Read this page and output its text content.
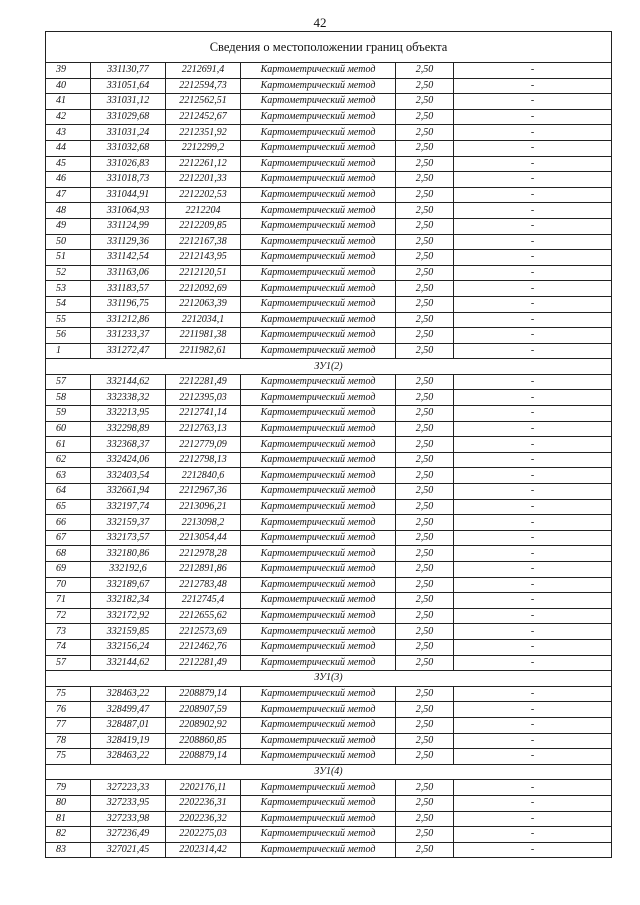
42
Сведения о местоположении границ объекта					
39	331130,77	2212691,4	Картометрический метод	2,50	-
40	331051,64	2212594,73	Картометрический метод	2,50	-
41	331031,12	2212562,51	Картометрический метод	2,50	-
42	331029,68	2212452,67	Картометрический метод	2,50	-
43	331031,24	2212351,92	Картометрический метод	2,50	-
44	331032,68	2212299,2	Картометрический метод	2,50	-
45	331026,83	2212261,12	Картометрический метод	2,50	-
46	331018,73	2212201,33	Картометрический метод	2,50	-
47	331044,91	2212202,53	Картометрический метод	2,50	-
48	331064,93	2212204	Картометрический метод	2,50	-
49	331124,99	2212209,85	Картометрический метод	2,50	-
50	331129,36	2212167,38	Картометрический метод	2,50	-
51	331142,54	2212143,95	Картометрический метод	2,50	-
52	331163,06	2212120,51	Картометрический метод	2,50	-
53	331183,57	2212092,69	Картометрический метод	2,50	-
54	331196,75	2212063,39	Картометрический метод	2,50	-
55	331212,86	2212034,1	Картометрический метод	2,50	-
56	331233,37	2211981,38	Картометрический метод	2,50	-
1	331272,47	2211982,61	Картометрический метод	2,50	-
ЗУ1(2)					
57	332144,62	2212281,49	Картометрический метод	2,50	-
58	332338,32	2212395,03	Картометрический метод	2,50	-
59	332213,95	2212741,14	Картометрический метод	2,50	-
60	332298,89	2212763,13	Картометрический метод	2,50	-
61	332368,37	2212779,09	Картометрический метод	2,50	-
62	332424,06	2212798,13	Картометрический метод	2,50	-
63	332403,54	2212840,6	Картометрический метод	2,50	-
64	332661,94	2212967,36	Картометрический метод	2,50	-
65	332197,74	2213096,21	Картометрический метод	2,50	-
66	332159,37	2213098,2	Картометрический метод	2,50	-
67	332173,57	2213054,44	Картометрический метод	2,50	-
68	332180,86	2212978,28	Картометрический метод	2,50	-
69	332192,6	2212891,86	Картометрический метод	2,50	-
70	332189,67	2212783,48	Картометрический метод	2,50	-
71	332182,34	2212745,4	Картометрический метод	2,50	-
72	332172,92	2212655,62	Картометрический метод	2,50	-
73	332159,85	2212573,69	Картометрический метод	2,50	-
74	332156,24	2212462,76	Картометрический метод	2,50	-
57	332144,62	2212281,49	Картометрический метод	2,50	-
ЗУ1(3)					
75	328463,22	2208879,14	Картометрический метод	2,50	-
76	328499,47	2208907,59	Картометрический метод	2,50	-
77	328487,01	2208902,92	Картометрический метод	2,50	-
78	328419,19	2208860,85	Картометрический метод	2,50	-
75	328463,22	2208879,14	Картометрический метод	2,50	-
ЗУ1(4)					
79	327223,33	2202176,11	Картометрический метод	2,50	-
80	327233,95	2202236,31	Картометрический метод	2,50	-
81	327233,98	2202236,32	Картометрический метод	2,50	-
82	327236,49	2202275,03	Картометрический метод	2,50	-
83	327021,45	2202314,42	Картометрический метод	2,50	-
